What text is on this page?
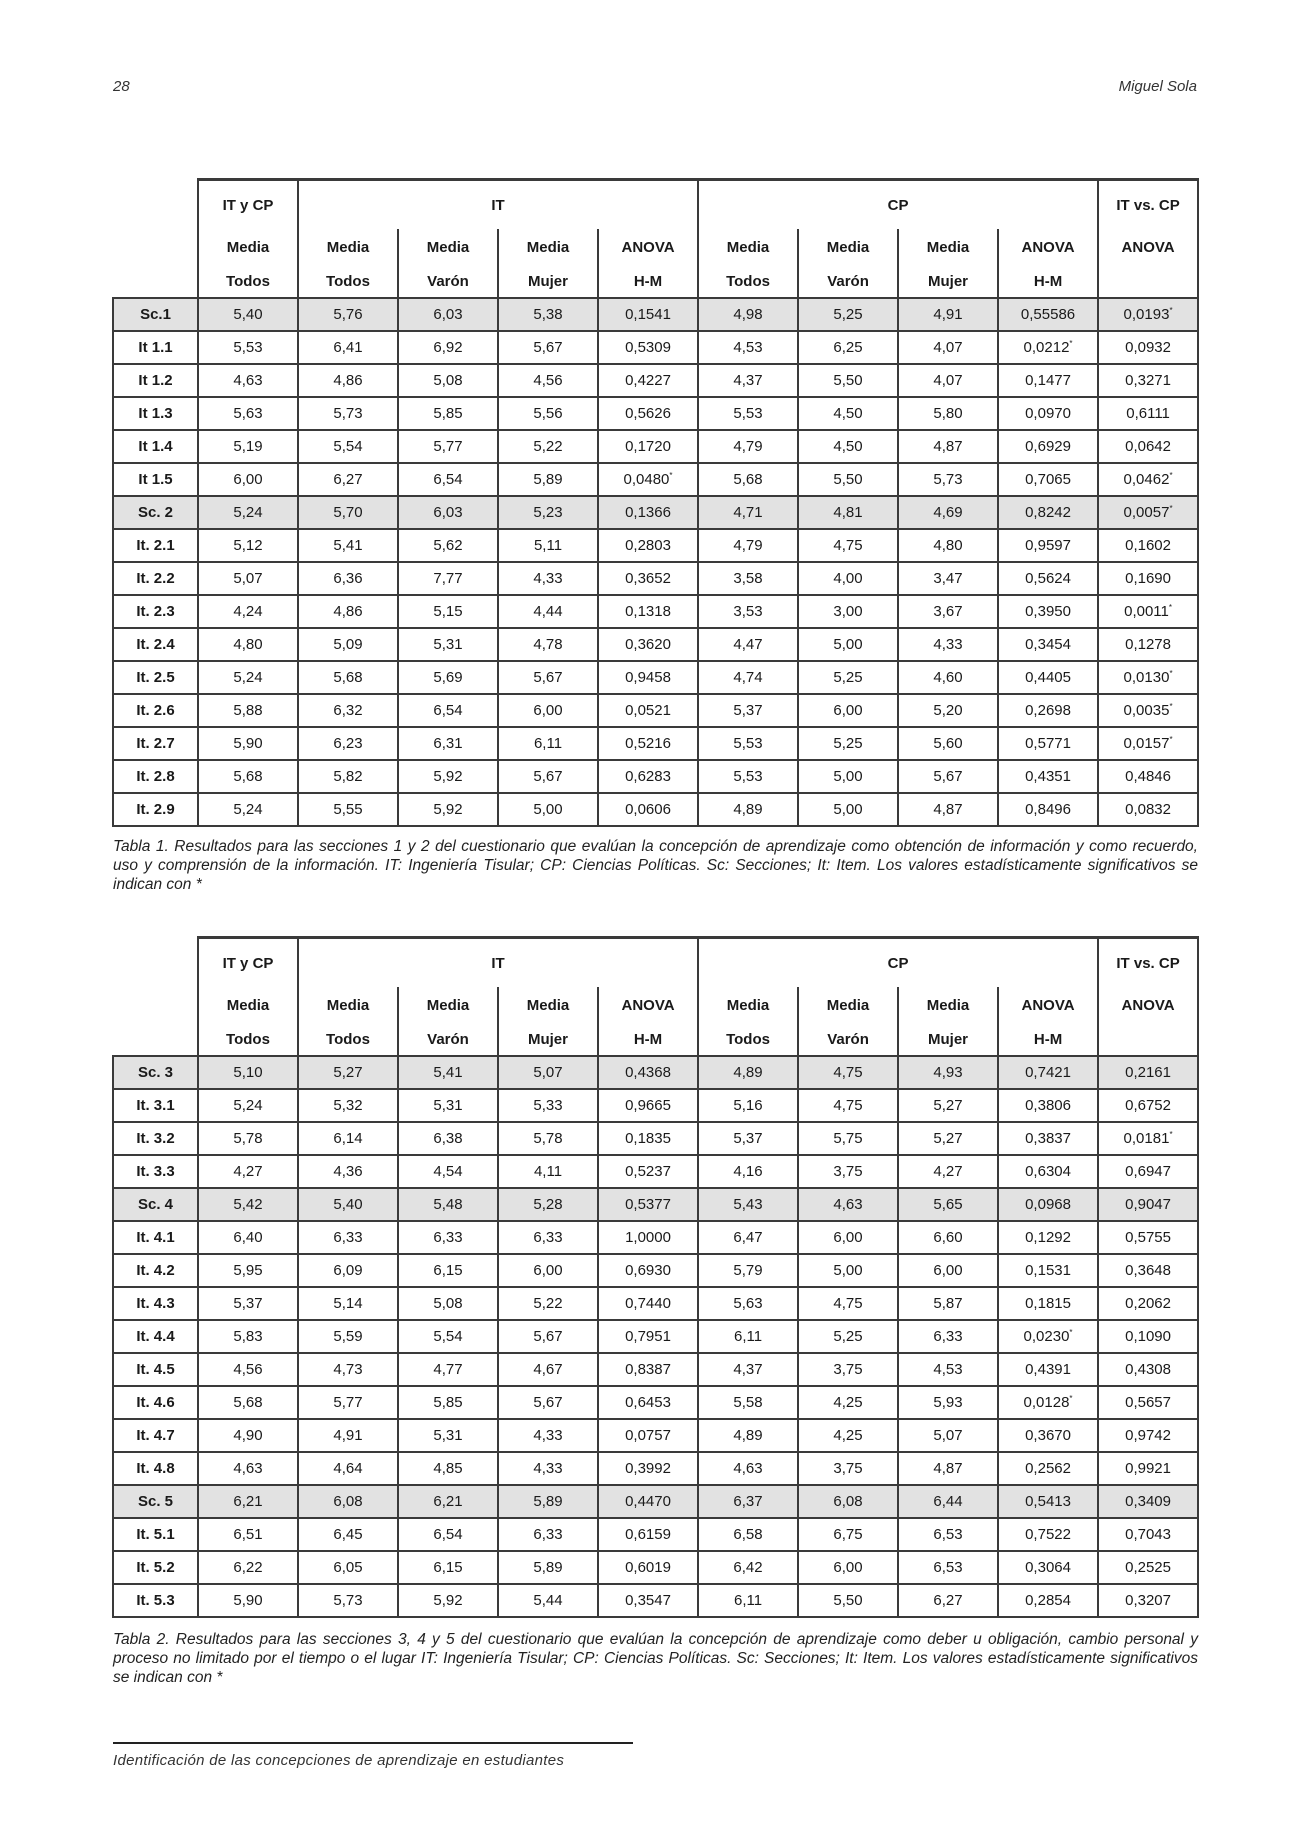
28	Miguel Sola
	IT y CP	IT				CP				IT vs. CP
	Media	Media	Media	Media	ANOVA	Media	Media	Media	ANOVA	ANOVA
	Todos	Todos	Varón	Mujer	H-M	Todos	Varón	Mujer	H-M	
Sc.1	5,40	5,76	6,03	5,38	0,1541	4,98	5,25	4,91	0,55586	0,0193*
It 1.1	5,53	6,41	6,92	5,67	0,5309	4,53	6,25	4,07	0,0212*	0,0932
It 1.2	4,63	4,86	5,08	4,56	0,4227	4,37	5,50	4,07	0,1477	0,3271
It 1.3	5,63	5,73	5,85	5,56	0,5626	5,53	4,50	5,80	0,0970	0,6111
It 1.4	5,19	5,54	5,77	5,22	0,1720	4,79	4,50	4,87	0,6929	0,0642
It 1.5	6,00	6,27	6,54	5,89	0,0480*	5,68	5,50	5,73	0,7065	0,0462*
Sc. 2	5,24	5,70	6,03	5,23	0,1366	4,71	4,81	4,69	0,8242	0,0057*
It. 2.1	5,12	5,41	5,62	5,11	0,2803	4,79	4,75	4,80	0,9597	0,1602
It. 2.2	5,07	6,36	7,77	4,33	0,3652	3,58	4,00	3,47	0,5624	0,1690
It. 2.3	4,24	4,86	5,15	4,44	0,1318	3,53	3,00	3,67	0,3950	0,0011*
It. 2.4	4,80	5,09	5,31	4,78	0,3620	4,47	5,00	4,33	0,3454	0,1278
It. 2.5	5,24	5,68	5,69	5,67	0,9458	4,74	5,25	4,60	0,4405	0,0130*
It. 2.6	5,88	6,32	6,54	6,00	0,0521	5,37	6,00	5,20	0,2698	0,0035*
It. 2.7	5,90	6,23	6,31	6,11	0,5216	5,53	5,25	5,60	0,5771	0,0157*
It. 2.8	5,68	5,82	5,92	5,67	0,6283	5,53	5,00	5,67	0,4351	0,4846
It. 2.9	5,24	5,55	5,92	5,00	0,0606	4,89	5,00	4,87	0,8496	0,0832
Tabla 1. Resultados para las secciones 1 y 2 del cuestionario que evalúan la concepción de aprendizaje como obtención de información y como recuerdo, uso y comprensión de la información. IT: Ingeniería Tisular; CP: Ciencias Políticas. Sc: Secciones; It: Item. Los valores estadísticamente significativos se indican con *
	IT y CP	IT				CP				IT vs. CP
	Media	Media	Media	Media	ANOVA	Media	Media	Media	ANOVA	ANOVA
	Todos	Todos	Varón	Mujer	H-M	Todos	Varón	Mujer	H-M	
Sc. 3	5,10	5,27	5,41	5,07	0,4368	4,89	4,75	4,93	0,7421	0,2161
It. 3.1	5,24	5,32	5,31	5,33	0,9665	5,16	4,75	5,27	0,3806	0,6752
It. 3.2	5,78	6,14	6,38	5,78	0,1835	5,37	5,75	5,27	0,3837	0,0181*
It. 3.3	4,27	4,36	4,54	4,11	0,5237	4,16	3,75	4,27	0,6304	0,6947
Sc. 4	5,42	5,40	5,48	5,28	0,5377	5,43	4,63	5,65	0,0968	0,9047
It. 4.1	6,40	6,33	6,33	6,33	1,0000	6,47	6,00	6,60	0,1292	0,5755
It. 4.2	5,95	6,09	6,15	6,00	0,6930	5,79	5,00	6,00	0,1531	0,3648
It. 4.3	5,37	5,14	5,08	5,22	0,7440	5,63	4,75	5,87	0,1815	0,2062
It. 4.4	5,83	5,59	5,54	5,67	0,7951	6,11	5,25	6,33	0,0230*	0,1090
It. 4.5	4,56	4,73	4,77	4,67	0,8387	4,37	3,75	4,53	0,4391	0,4308
It. 4.6	5,68	5,77	5,85	5,67	0,6453	5,58	4,25	5,93	0,0128*	0,5657
It. 4.7	4,90	4,91	5,31	4,33	0,0757	4,89	4,25	5,07	0,3670	0,9742
It. 4.8	4,63	4,64	4,85	4,33	0,3992	4,63	3,75	4,87	0,2562	0,9921
Sc. 5	6,21	6,08	6,21	5,89	0,4470	6,37	6,08	6,44	0,5413	0,3409
It. 5.1	6,51	6,45	6,54	6,33	0,6159	6,58	6,75	6,53	0,7522	0,7043
It. 5.2	6,22	6,05	6,15	5,89	0,6019	6,42	6,00	6,53	0,3064	0,2525
It. 5.3	5,90	5,73	5,92	5,44	0,3547	6,11	5,50	6,27	0,2854	0,3207
Tabla 2. Resultados para las secciones 3, 4 y 5 del cuestionario que evalúan la concepción de aprendizaje como deber u obligación, cambio personal y proceso no limitado por el tiempo o el lugar IT: Ingeniería Tisular; CP: Ciencias Políticas. Sc: Secciones; It: Item. Los valores estadísticamente significativos se indican con *
Identificación de las concepciones de aprendizaje en estudiantes
